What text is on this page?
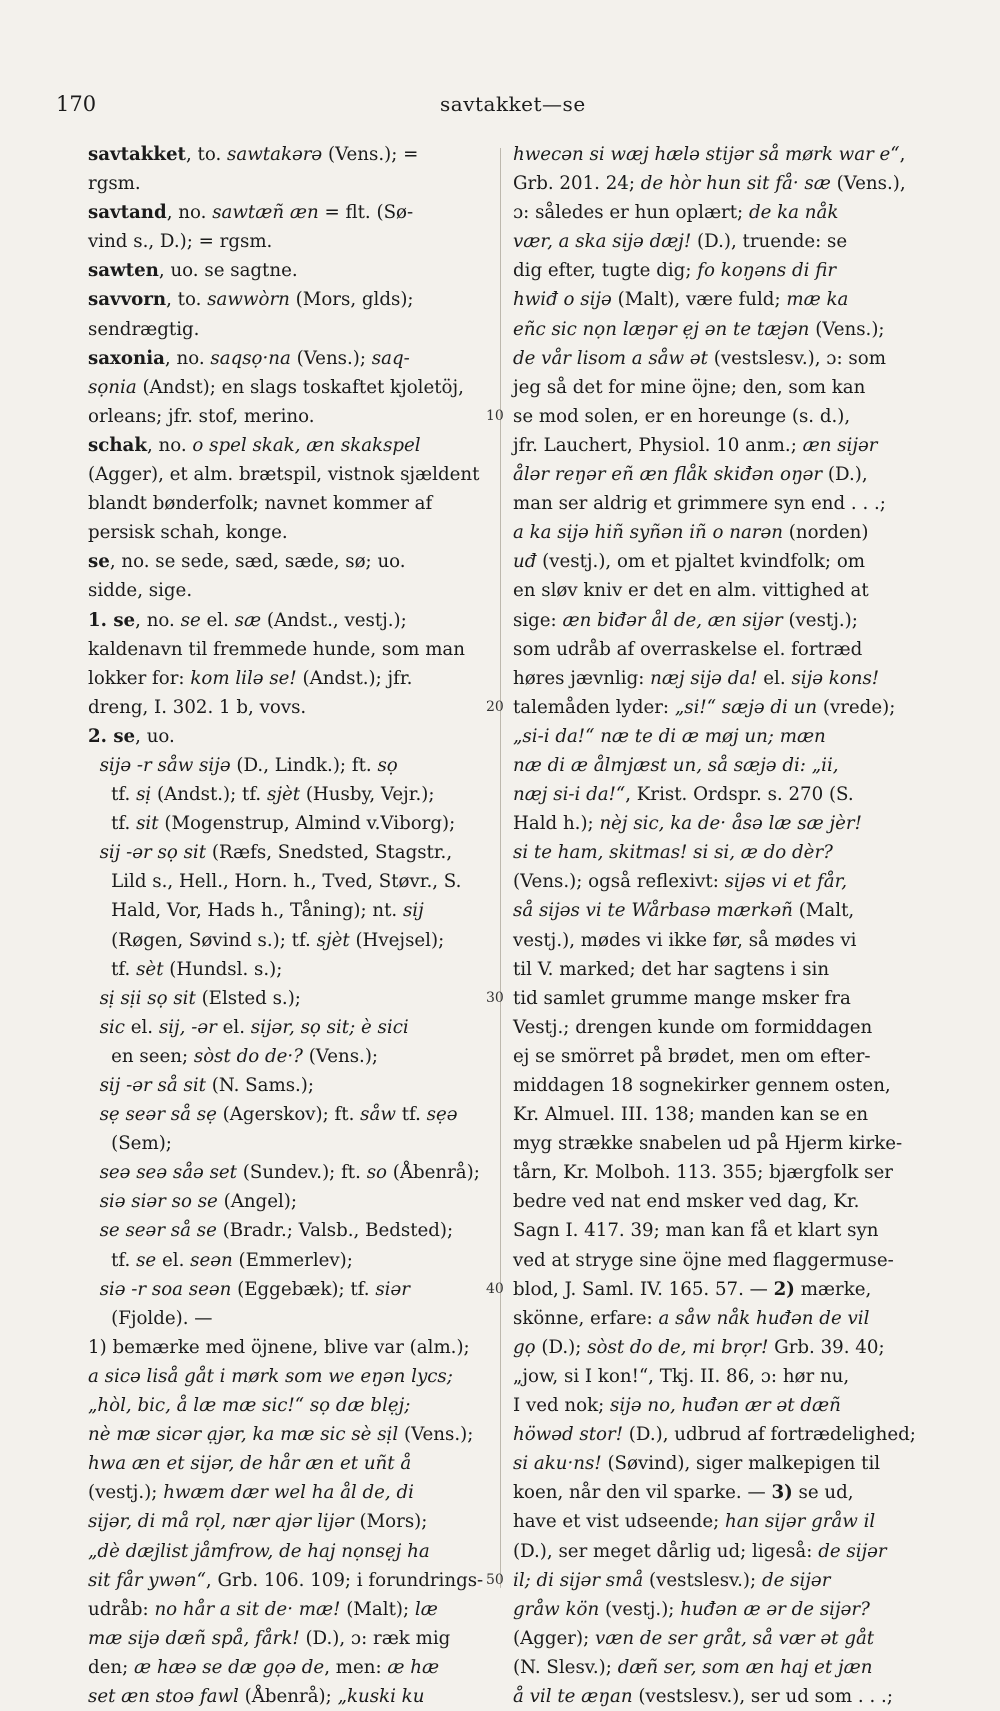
170	savtakket—se
10
20
30
40
50
savtakket, to. sawtakərə (Vens.); =
rgsm.
savtand, no. sawtæñ æn = flt. (Sø-
vind s., D.); = rgsm.
sawten, uo. se sagtne.
savvorn, to. sawwòrn (Mors, glds);
sendrægtig.
saxonia, no. saqsọ·na (Vens.); saq-
sọnia (Andst); en slags toskaftet kjoletöj,
orleans; jfr. stof, merino.
schak, no. o spel skak, æn skakspel
(Agger), et alm. brætspil, vistnok sjældent
blandt bønderfolk; navnet kommer af
persisk schah, konge.
se, no. se sede, sæd, sæde, sø; uo.
sidde, sige.
1. se, no. se el. sæ (Andst., vestj.);
kaldenavn til fremmede hunde, som man
lokker for: kom lilə se! (Andst.); jfr.
dreng, I. 302. 1 b, vovs.
2. se, uo.
sijə -r såw sijə (D., Lindk.); ft. sọ
tf. sị (Andst.); tf. sjèt (Husby, Vejr.);
tf. sit (Mogenstrup, Almind v.Viborg);
sij -ər sọ sit (Ræfs, Snedsted, Stagstr.,
Lild s., Hell., Horn. h., Tved, Støvr., S.
Hald, Vor, Hads h., Tåning); nt. sij
(Røgen, Søvind s.); tf. sjèt (Hvejsel);
tf. sèt (Hundsl. s.);
sị sịi sọ sit (Elsted s.);
sic el. sij, -ər el. sijər, sọ sit; è sici
en seen; sòst do de·? (Vens.);
sij -ər så sit (N. Sams.);
sẹ seər så sẹ (Agerskov); ft. såw tf. sẹə
(Sem);
seə seə såə set (Sundev.); ft. so (Åbenrå);
siə siər so se (Angel);
se seər så se (Bradr.; Valsb., Bedsted);
tf. se el. seən (Emmerlev);
siə -r soa seən (Eggebæk); tf. siər
(Fjolde). —
1) bemærke med öjnene, blive var (alm.);
a sicə liså gåt i mørk som we eŋən lycs;
„hòl, bic, å læ mæ sic!“ sọ dæ blẹj;
nè mæ sicər ạjər, ka mæ sic sè sịl (Vens.);
hwa æn et sijər, de hår æn et uñt å
(vestj.); hwæm dær wel ha ål de, di
sijər, di må rọl, nær ajər lijər (Mors);
„dè dæjlist jåmfrow, de haj nọnsẹj ha
sit får ywən“, Grb. 106. 109; i forundrings-
udråb: no hår a sit de· mæ! (Malt); læ
mæ sijə dæñ spå, fårk! (D.), ɔ: ræk mig
den; æ hæə se dæ gọə de, men: æ hæ
set æn stoə fawl (Åbenrå); „kuski ku
hwecən si wæj hælə stijər så mørk war e“,
Grb. 201. 24; de hòr hun sit få· sæ (Vens.),
ɔ: således er hun oplært; de ka nåk
vær, a ska sijə dæj! (D.), truende: se
dig efter, tugte dig; fo koŋəns di fir
hwiđ o sijə (Malt), være fuld; mæ ka
eñc sic nọn læŋər ẹj ən te tæjən (Vens.);
de vår lisom a såw ət (vestslesv.), ɔ: som
jeg så det for mine öjne; den, som kan
se mod solen, er en horeunge (s. d.),
jfr. Lauchert, Physiol. 10 anm.; æn sijər
ålər reŋər eñ æn flåk skiđən oŋər (D.),
man ser aldrig et grimmere syn end . . .;
a ka sijə hiñ syñən iñ o narən (norden)
uđ (vestj.), om et pjaltet kvindfolk; om
en sløv kniv er det en alm. vittighed at
sige: æn biđər ål de, æn sijər (vestj.);
som udråb af overraskelse el. fortræd
høres jævnlig: næj sijə da! el. sijə kons!
talemåden lyder: „si!“ sæjə di un (vrede);
„si-i da!“ næ te di æ møj un; mæn
næ di æ ålmjæst un, så sæjə di: „ii,
næj si-i da!“, Krist. Ordspr. s. 270 (S.
Hald h.); nèj sic, ka de· åsə læ sæ jèr!
si te ham, skitmas! si si, æ do dèr?
(Vens.); også reflexivt: sijəs vi et får,
så sijəs vi te Wårbasə mærkəñ (Malt,
vestj.), mødes vi ikke før, så mødes vi
til V. marked; det har sagtens i sin
tid samlet grumme mange msker fra
Vestj.; drengen kunde om formiddagen
ej se smörret på brødet, men om efter-
middagen 18 sognekirker gennem osten,
Kr. Almuel. III. 138; manden kan se en
myg strække snabelen ud på Hjerm kirke-
tårn, Kr. Molboh. 113. 355; bjærgfolk ser
bedre ved nat end msker ved dag, Kr.
Sagn I. 417. 39; man kan få et klart syn
ved at stryge sine öjne med flaggermuse-
blod, J. Saml. IV. 165. 57. — 2) mærke,
skönne, erfare: a såw nåk huđən de vil
gọ (D.); sòst do de, mi brọr! Grb. 39. 40;
„jow, si I kon!“, Tkj. II. 86, ɔ: hør nu,
I ved nok; sijə no, huđən ær ət dæñ
höwəd stor! (D.), udbrud af fortrædelighed;
si aku·ns! (Søvind), siger malkepigen til
koen, når den vil sparke. — 3) se ud,
have et vist udseende; han sijər gråw il
(D.), ser meget dårlig ud; ligeså: de sijər
il; di sijər små (vestslesv.); de sijər
gråw kön (vestj.); huđən æ ər de sijər?
(Agger); væn de ser gråt, så vær ət gåt
(N. Slesv.); dæñ ser, som æn haj et jæn
å vil te æŋan (vestslesv.), ser ud som . . .;
